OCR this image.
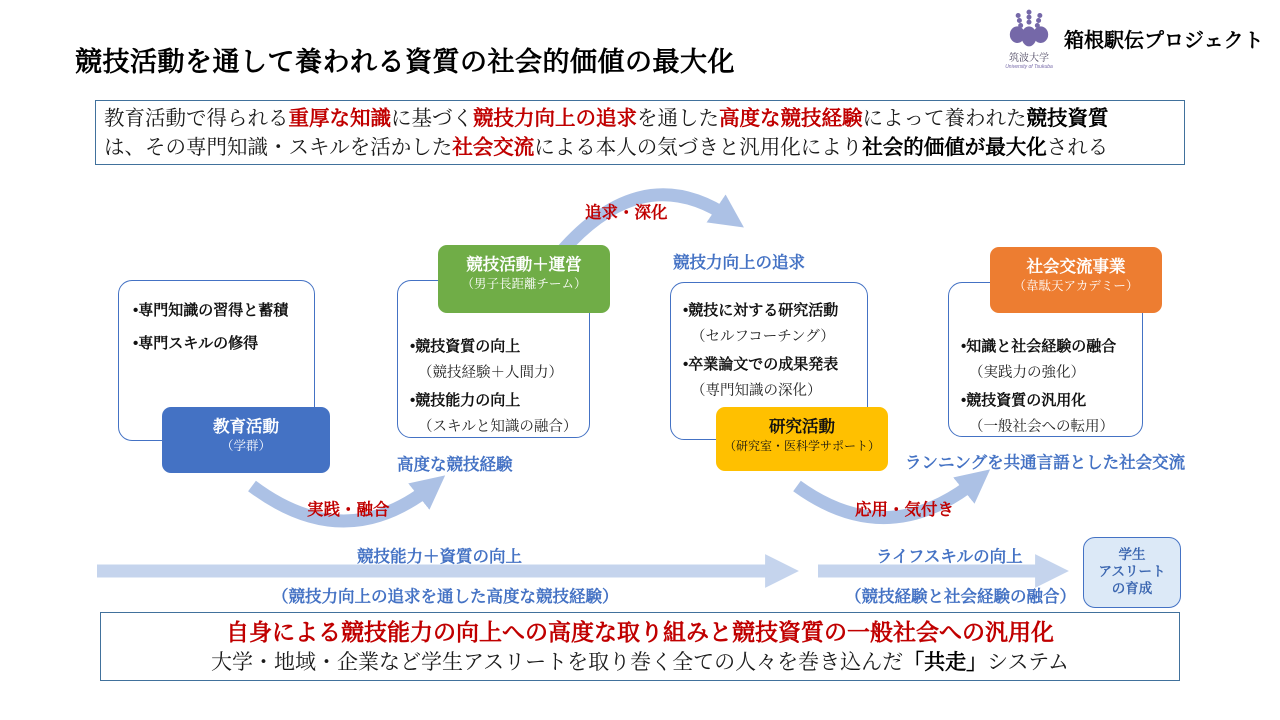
競技活動を通して養われる資質の社会的価値の最大化	筑波大学
University of Tsukuba
箱根駅伝プロジェクト
教育活動で得られる重厚な知識に基づく競技力向上の追求を通した高度な競技経験によって養われた競技資質
は、その専門知識・スキルを活かした社会交流による本人の気づきと汎用化により社会的価値が最大化される
•専門知識の習得と蓄積
•専門スキルの修得
教育活動
（学群）
•競技資質の向上
（競技経験＋人間力）
•競技能力の向上
（スキルと知識の融合）
競技活動＋運営
（男子長距離チーム）
•競技に対する研究活動
（セルフコーチング）
•卒業論文での成果発表
（専門知識の深化）
研究活動
（研究室・医科学サポート）
•知識と社会経験の融合
（実践力の強化）
•競技資質の汎用化
（一般社会への転用）
社会交流事業
（韋駄天アカデミー）
追求・深化
競技力向上の追求
高度な競技経験	ランニングを共通言語とした社会交流
実践・融合	応用・気付き
競技能力＋資質の向上
（競技力向上の追求を通した高度な競技経験）
ライフスキルの向上
（競技経験と社会経験の融合）
学生
アスリート
の育成
自身による競技能力の向上への高度な取り組みと競技資質の一般社会への汎用化
大学・地域・企業など学生アスリートを取り巻く全ての人々を巻き込んだ「共走」システム
